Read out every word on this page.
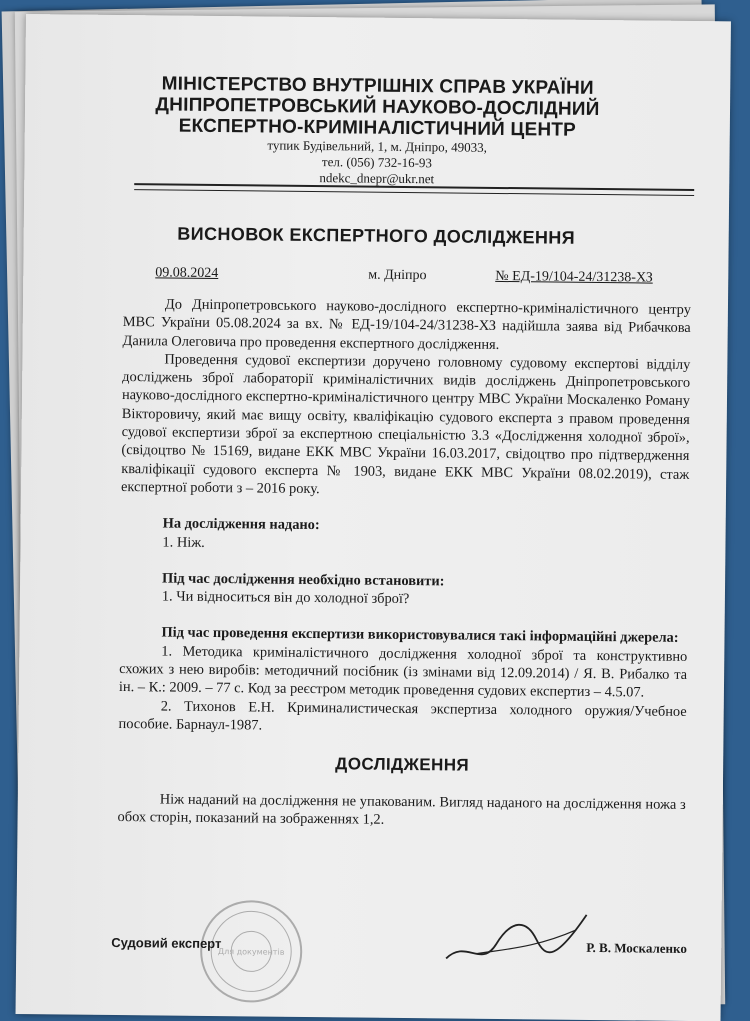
МІНІСТЕРСТВО ВНУТРІШНІХ СПРАВ УКРАЇНИ
ДНІПРОПЕТРОВСЬКИЙ НАУКОВО-ДОСЛІДНИЙ
ЕКСПЕРТНО-КРИМІНАЛІСТИЧНИЙ ЦЕНТР
тупик Будівельний, 1, м. Дніпро, 49033,
тел. (056) 732-16-93
ndekc_dnepr@ukr.net
ВИСНОВОК ЕКСПЕРТНОГО ДОСЛІДЖЕННЯ
09.08.2024	м. Дніпро	№ ЕД-19/104-24/31238-ХЗ

До Дніпропетровського науково-дослідного експертно-криміналістичного центру МВС України 05.08.2024 за вх. № ЕД-19/104-24/31238-ХЗ надійшла заява від Рибачкова Данила Олеговича про проведення експертного дослідження.

Проведення судової експертизи доручено головному судовому експертові відділу досліджень зброї лабораторії криміналістичних видів досліджень Дніпропетровського науково-дослідного експертно-криміналістичного центру МВС України Москаленко Роману Вікторовичу, який має вищу освіту, кваліфікацію судового експерта з правом проведення судової експертизи зброї за експертною спеціальністю 3.3 «Дослідження холодної зброї», (свідоцтво № 15169, видане ЕКК МВС України 16.03.2017, свідоцтво про підтвердження кваліфікації судового експерта № 1903, видане ЕКК МВС України 08.02.2019), стаж експертної роботи з – 2016 року.

На дослідження надано:

1. Ніж.

Під час дослідження необхідно встановити:

1. Чи відноситься він до холодної зброї?

Під час проведення експертизи використовувалися такі інформаційні джерела:

1. Методика криміналістичного дослідження холодної зброї та конструктивно схожих з нею виробів: методичний посібник (із змінами від 12.09.2014) / Я. В. Рибалко та ін. – К.: 2009. – 77 с. Код за реєстром методик проведення судових експертиз – 4.5.07.

2. Тихонов Е.Н. Криминалистическая экспертиза холодного оружия/Учебное пособие. Барнаул-1987.

ДОСЛІДЖЕННЯ

Ніж наданий на дослідження не упакованим. Вигляд наданого на дослідження ножа з обох сторін, показаний на зображеннях 1,2.

Для документів
Судовий експерт	Р. В. Москаленко
